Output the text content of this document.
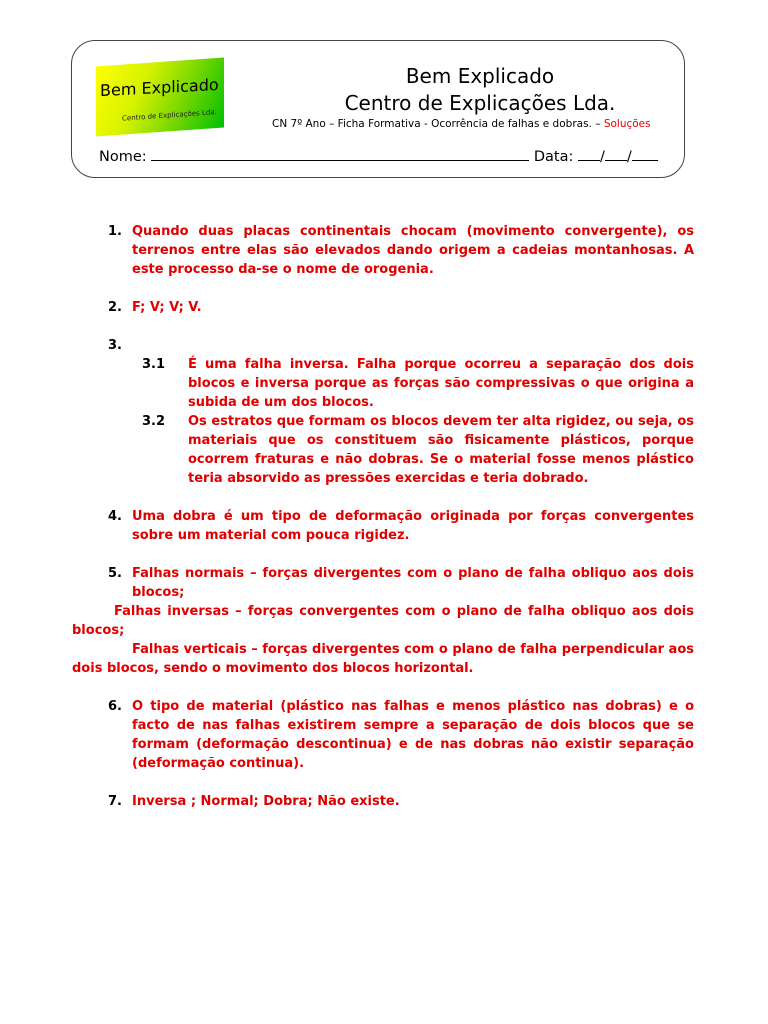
Bem Explicado
Centro de Explicações Lda.
Bem Explicado
Centro de Explicações Lda.
CN 7º Ano – Ficha Formativa - Ocorrência de falhas e dobras. – Soluções
Nome:	Data: / /
1. Quando duas placas continentais chocam (movimento convergente), os terrenos entre elas são elevados dando origem a cadeias montanhosas. A este processo da-se o nome de orogenia.
2. F; V; V; V.
3.

3.1 É uma falha inversa. Falha porque ocorreu a separação dos dois blocos e inversa porque as forças são compressivas o que origina a subida de um dos blocos.
3.2 Os estratos que formam os blocos devem ter alta rigidez, ou seja, os materiais que os constituem são fisicamente plásticos, porque ocorrem fraturas e não dobras. Se o material fosse menos plástico teria absorvido as pressões exercidas e teria dobrado.
4. Uma dobra é um tipo de deformação originada por forças convergentes sobre um material com pouca rigidez.
5. Falhas normais – forças divergentes com o plano de falha obliquo aos dois blocos;
Falhas inversas – forças convergentes com o plano de falha obliquo aos dois blocos;
Falhas verticais – forças divergentes com o plano de falha perpendicular aos dois blocos, sendo o movimento dos blocos horizontal.
6. O tipo de material (plástico nas falhas e menos plástico nas dobras) e o facto de nas falhas existirem sempre a separação de dois blocos que se formam (deformação descontinua) e de nas dobras não existir separação (deformação continua).
7. Inversa ; Normal; Dobra; Não existe.
